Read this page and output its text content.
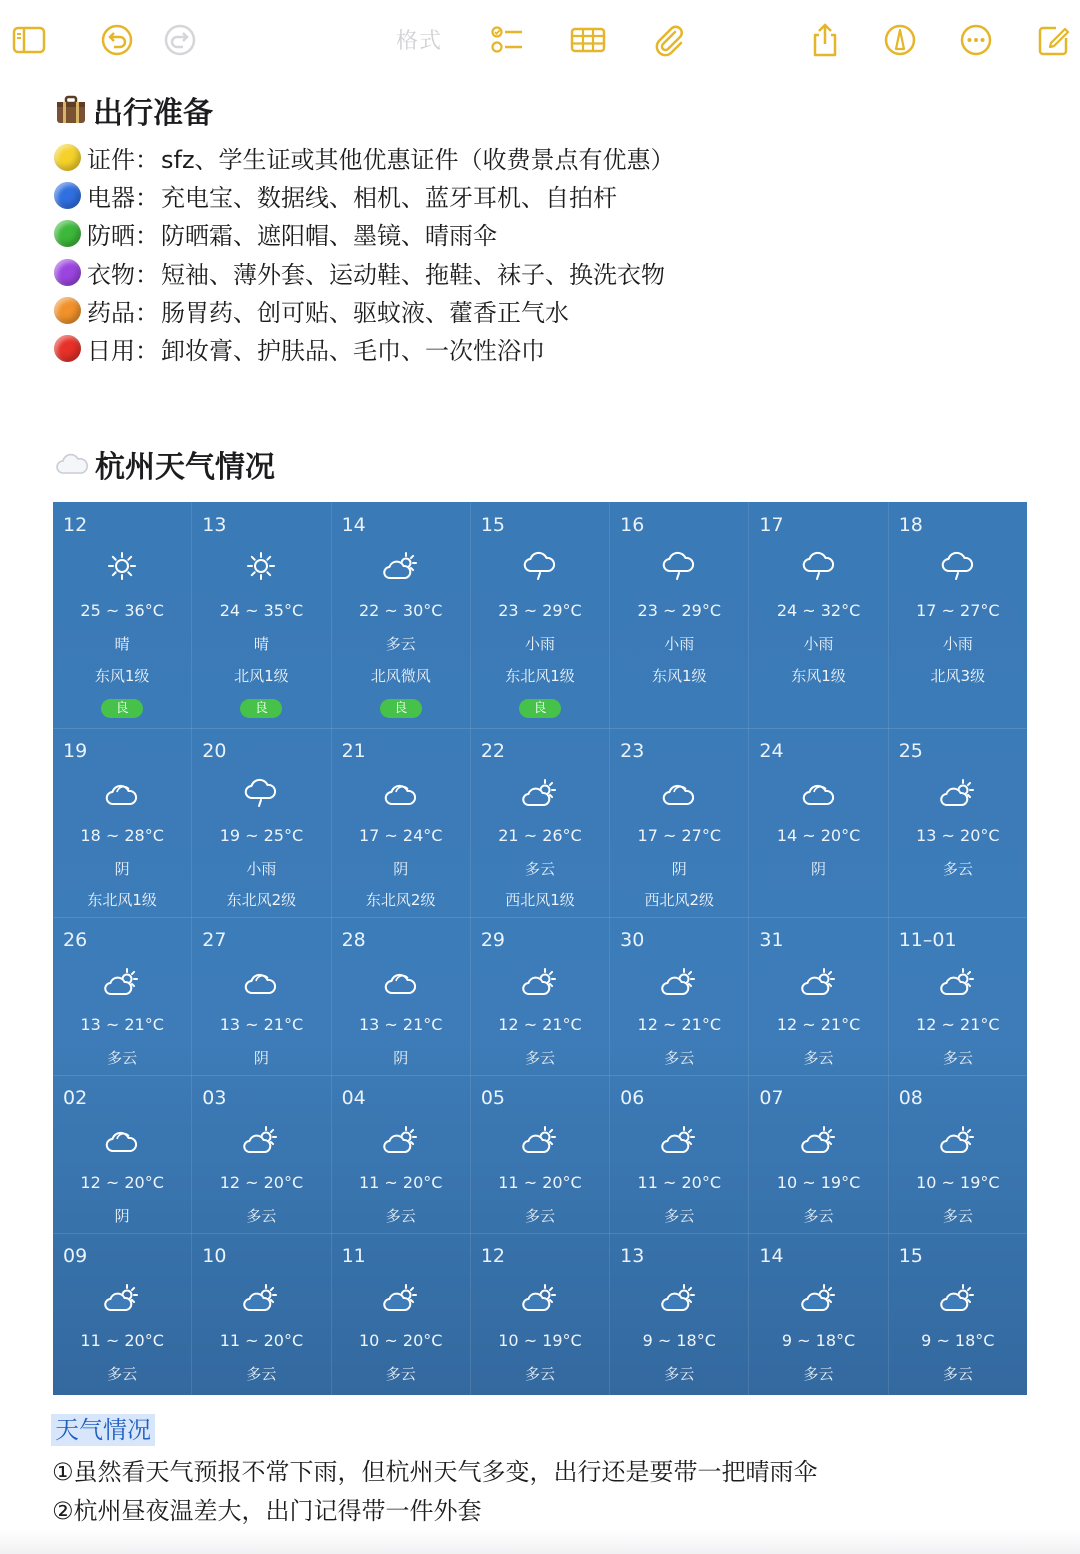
格式
出行准备
证件： sfz、学生证或其他优惠证件（收费景点有优惠）
电器： 充电宝、数据线、相机、蓝牙耳机、自拍杆
防晒： 防晒霜、遮阳帽、墨镜、晴雨伞
衣物： 短袖、薄外套、运动鞋、拖鞋、袜子、换洗衣物
药品： 肠胃药、创可贴、驱蚊液、藿香正气水
日用： 卸妆膏、护肤品、毛巾、一次性浴巾
杭州天气情况
12
25 ~ 36°C
晴
东风1级
良
13
24 ~ 35°C
晴
北风1级
良
14
22 ~ 30°C
多云
北风微风
良
15
23 ~ 29°C
小雨
东北风1级
良
16
23 ~ 29°C
小雨
东风1级
17
24 ~ 32°C
小雨
东风1级
18
17 ~ 27°C
小雨
北风3级
19
18 ~ 28°C
阴
东北风1级
20
19 ~ 25°C
小雨
东北风2级
21
17 ~ 24°C
阴
东北风2级
22
21 ~ 26°C
多云
西北风1级
23
17 ~ 27°C
阴
西北风2级
24
14 ~ 20°C
阴
25
13 ~ 20°C
多云
26
13 ~ 21°C
多云
27
13 ~ 21°C
阴
28
13 ~ 21°C
阴
29
12 ~ 21°C
多云
30
12 ~ 21°C
多云
31
12 ~ 21°C
多云
11–01
12 ~ 21°C
多云
02
12 ~ 20°C
阴
03
12 ~ 20°C
多云
04
11 ~ 20°C
多云
05
11 ~ 20°C
多云
06
11 ~ 20°C
多云
07
10 ~ 19°C
多云
08
10 ~ 19°C
多云
09
11 ~ 20°C
多云
10
11 ~ 20°C
多云
11
10 ~ 20°C
多云
12
10 ~ 19°C
多云
13
9 ~ 18°C
多云
14
9 ~ 18°C
多云
15
9 ~ 18°C
多云
天气情况
①虽然看天气预报不常下雨，但杭州天气多变，出行还是要带一把晴雨伞
②杭州昼夜温差大，出门记得带一件外套
